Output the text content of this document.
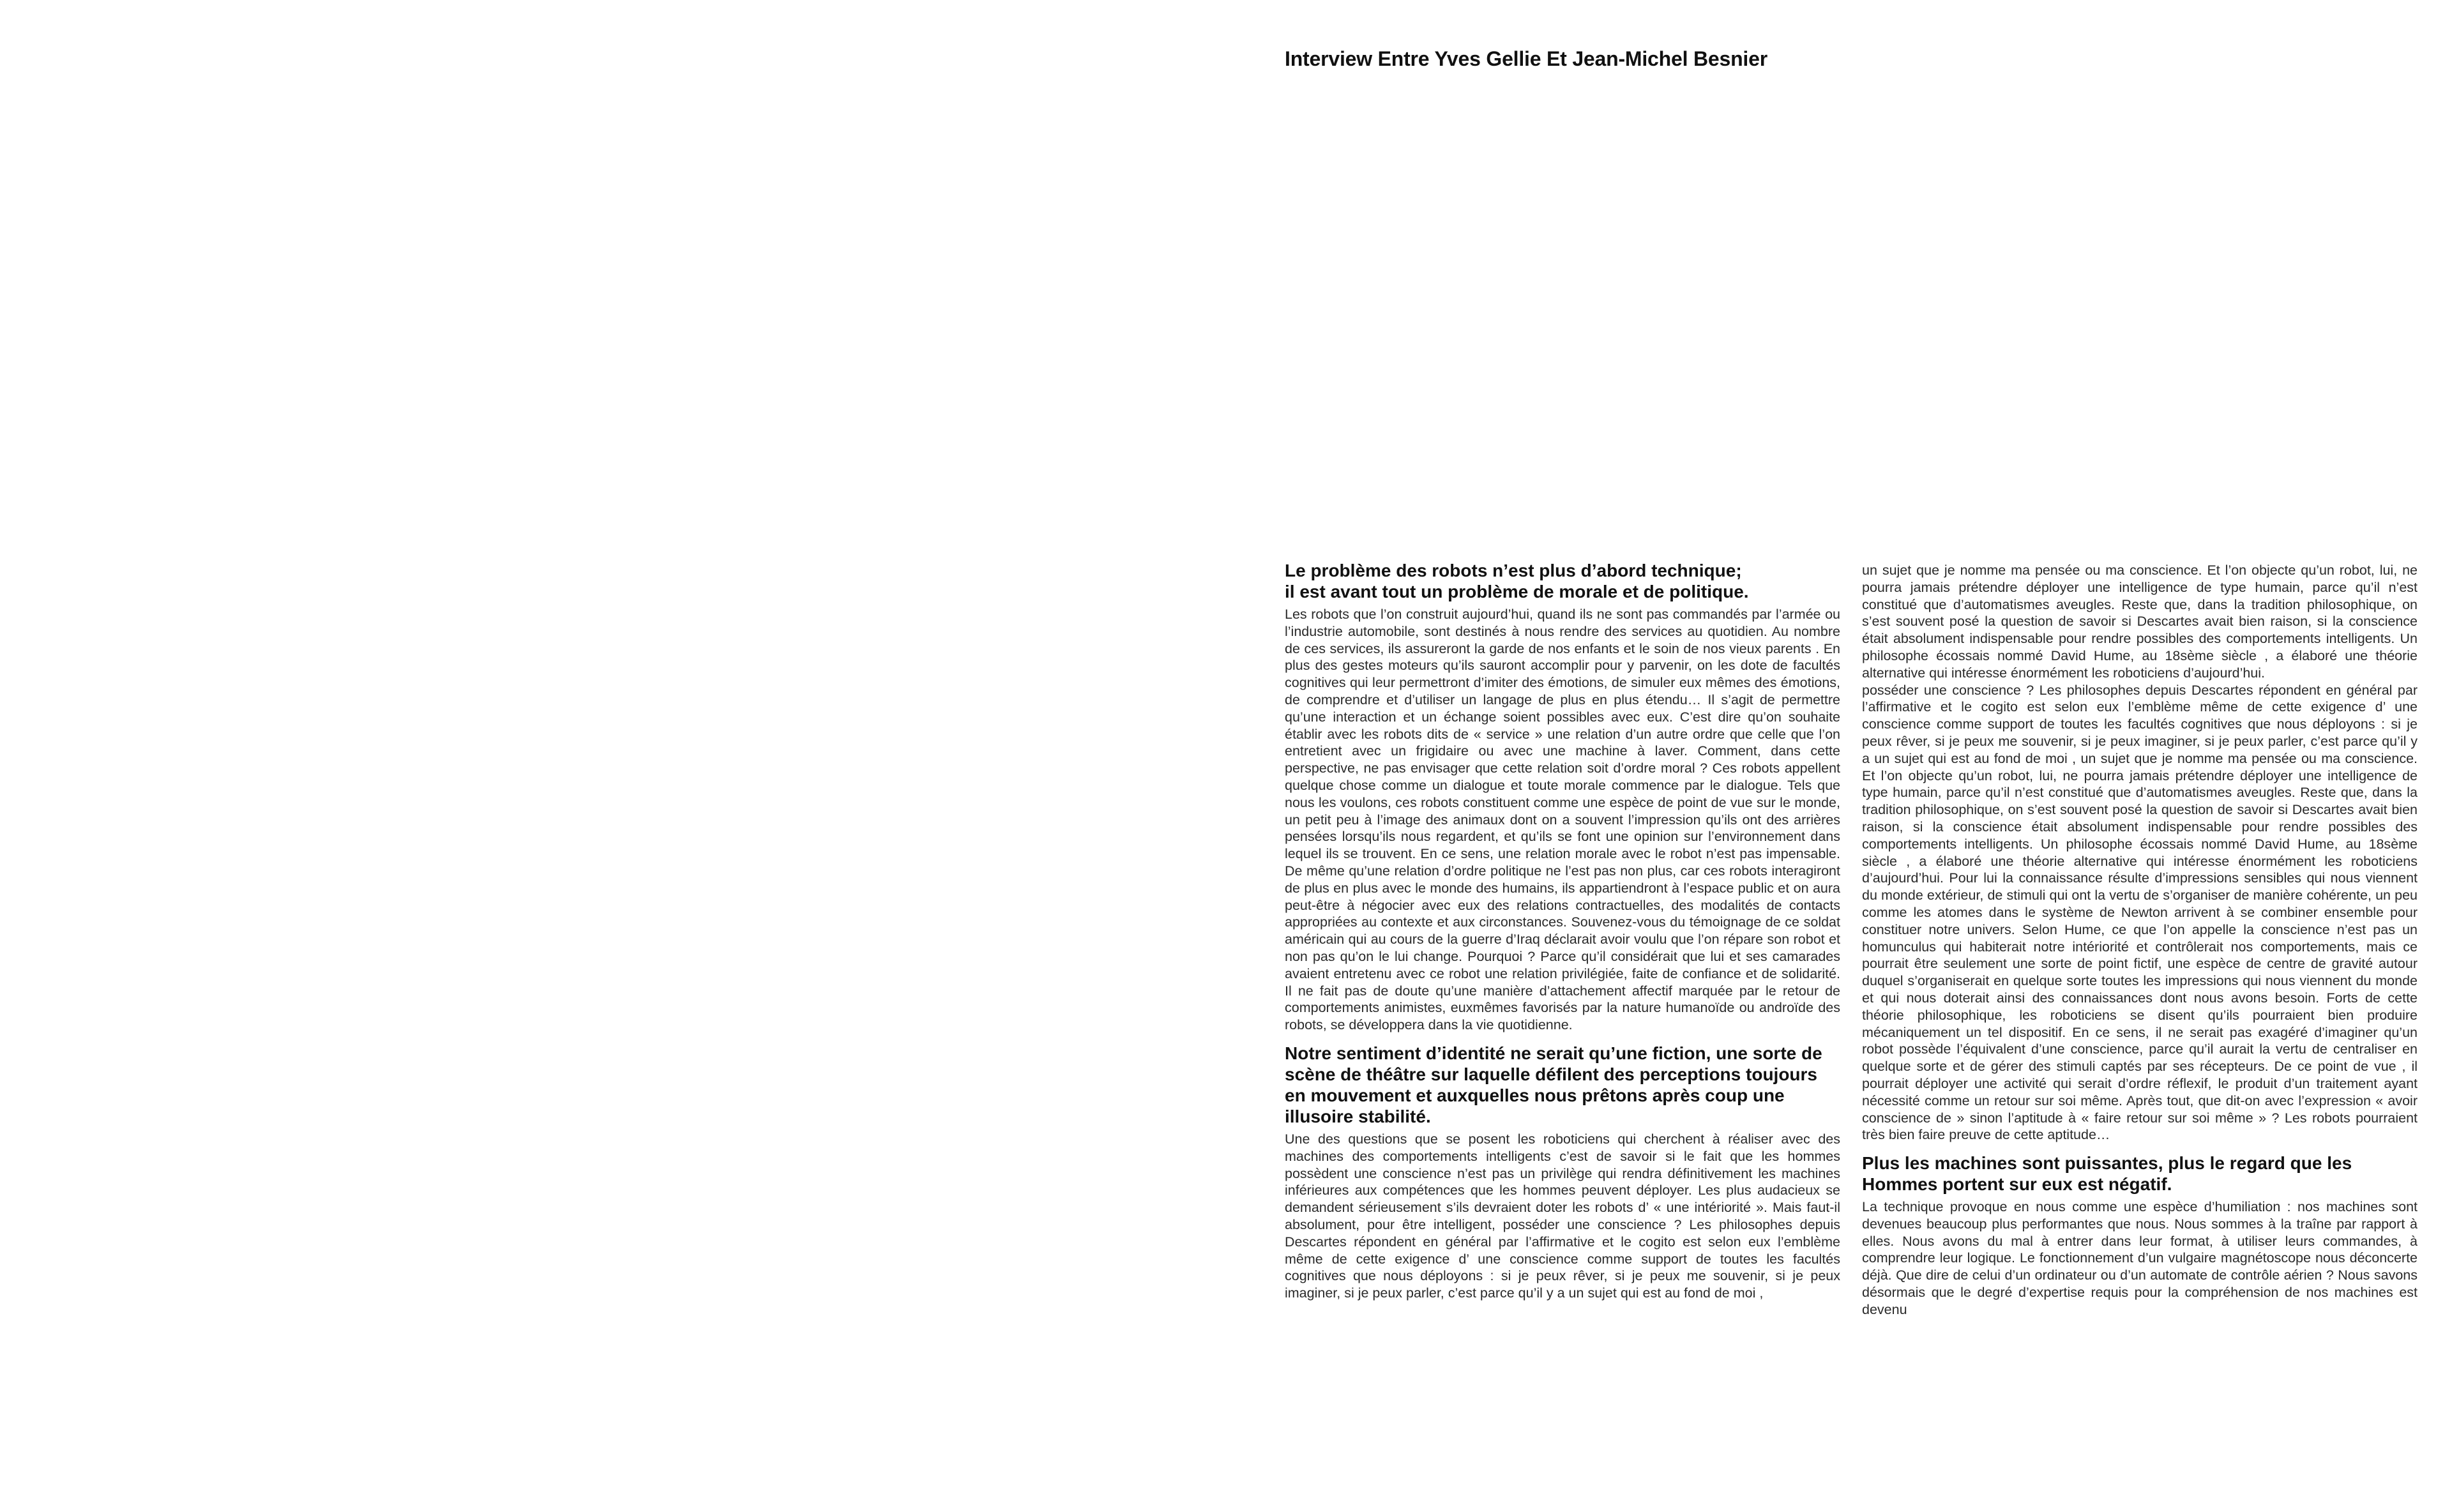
Interview Entre Yves Gellie Et Jean-Michel Besnier
Le problème des robots n’est plus d’abord technique;
il est avant tout un problème de morale et de politique.

Les robots que l’on construit aujourd’hui, quand ils ne sont pas commandés par l’armée ou l’industrie automobile, sont destinés à nous rendre des services au quotidien. Au nombre de ces services, ils assureront la garde de nos enfants et le soin de nos vieux parents . En plus des gestes moteurs qu’ils sauront accomplir pour y parvenir, on les dote de facultés cognitives qui leur permettront d’imiter des émotions, de simuler eux mêmes des émotions, de comprendre et d’utiliser un langage de plus en plus étendu… Il s’agit de permettre qu’une interaction et un échange soient possibles avec eux. C’est dire qu’on souhaite établir avec les robots dits de « service » une relation d’un autre ordre que celle que l’on entretient avec un frigidaire ou avec une machine à laver. Comment, dans cette perspective, ne pas envisager que cette relation soit d’ordre moral ? Ces robots appellent quelque chose comme un dialogue et toute morale commence par le dialogue. Tels que nous les voulons, ces robots constituent comme une espèce de point de vue sur le monde, un petit peu à l’image des animaux dont on a souvent l’impression qu’ils ont des arrières pensées lorsqu’ils nous regardent, et qu’ils se font une opinion sur l’environnement dans lequel ils se trouvent. En ce sens, une relation morale avec le robot n’est pas impensable. De même qu’une relation d’ordre politique ne l’est pas non plus, car ces robots interagiront de plus en plus avec le monde des humains, ils appartiendront à l’espace public et on aura peut-être à négocier avec eux des relations contractuelles, des modalités de contacts appropriées au contexte et aux circonstances. Souvenez-vous du témoignage de ce soldat américain qui au cours de la guerre d’Iraq déclarait avoir voulu que l’on répare son robot et non pas qu’on le lui change. Pourquoi ? Parce qu’il considérait que lui et ses camarades avaient entretenu avec ce robot une relation privilégiée, faite de confiance et de solidarité. Il ne fait pas de doute qu’une manière d’attachement affectif marquée par le retour de comportements animistes, euxmêmes favorisés par la nature humanoïde ou androïde des robots, se développera dans la vie quotidienne.

Notre sentiment d’identité ne serait qu’une fiction, une sorte de scène de théâtre sur laquelle défilent des perceptions toujours en mouvement et auxquelles nous prêtons après coup une illusoire stabilité.

Une des questions que se posent les roboticiens qui cherchent à réaliser avec des machines des comportements intelligents c’est de savoir si le fait que les hommes possèdent une conscience n’est pas un privilège qui rendra définitivement les machines inférieures aux compétences que les hommes peuvent déployer. Les plus audacieux se demandent sérieusement s’ils devraient doter les robots d’ « une intériorité ». Mais faut-il absolument, pour être intelligent, posséder une conscience ? Les philosophes depuis Descartes répondent en général par l’affirmative et le cogito est selon eux l’emblème même de cette exigence d’ une conscience comme support de toutes les facultés cognitives que nous déployons : si je peux rêver, si je peux me souvenir, si je peux imaginer, si je peux parler, c’est parce qu’il y a un sujet qui est au fond de moi ,

un sujet que je nomme ma pensée ou ma conscience. Et l’on objecte qu’un robot, lui, ne pourra jamais prétendre déployer une intelligence de type humain, parce qu’il n’est constitué que d’automatismes aveugles. Reste que, dans la tradition philosophique, on s’est souvent posé la question de savoir si Descartes avait bien raison, si la conscience était absolument indispensable pour rendre possibles des comportements intelligents. Un philosophe écossais nommé David Hume, au 18sème siècle , a élaboré une théorie alternative qui intéresse énormément les roboticiens d’aujourd’hui.

posséder une conscience ? Les philosophes depuis Descartes répondent en général par l’affirmative et le cogito est selon eux l’emblème même de cette exigence d’ une conscience comme support de toutes les facultés cognitives que nous déployons : si je peux rêver, si je peux me souvenir, si je peux imaginer, si je peux parler, c’est parce qu’il y a un sujet qui est au fond de moi , un sujet que je nomme ma pensée ou ma conscience. Et l’on objecte qu’un robot, lui, ne pourra jamais prétendre déployer une intelligence de type humain, parce qu’il n’est constitué que d’automatismes aveugles. Reste que, dans la tradition philosophique, on s’est souvent posé la question de savoir si Descartes avait bien raison, si la conscience était absolument indispensable pour rendre possibles des comportements intelligents. Un philosophe écossais nommé David Hume, au 18sème siècle , a élaboré une théorie alternative qui intéresse énormément les roboticiens d’aujourd’hui. Pour lui la connaissance résulte d’impressions sensibles qui nous viennent du monde extérieur, de stimuli qui ont la vertu de s’organiser de manière cohérente, un peu comme les atomes dans le système de Newton arrivent à se combiner ensemble pour constituer notre univers. Selon Hume, ce que l’on appelle la conscience n’est pas un homunculus qui habiterait notre intériorité et contrôlerait nos comportements, mais ce pourrait être seulement une sorte de point fictif, une espèce de centre de gravité autour duquel s’organiserait en quelque sorte toutes les impressions qui nous viennent du monde et qui nous doterait ainsi des connaissances dont nous avons besoin. Forts de cette théorie philosophique, les roboticiens se disent qu’ils pourraient bien produire mécaniquement un tel dispositif. En ce sens, il ne serait pas exagéré d’imaginer qu’un robot possède l’équivalent d’une conscience, parce qu’il aurait la vertu de centraliser en quelque sorte et de gérer des stimuli captés par ses récepteurs. De ce point de vue , il pourrait déployer une activité qui serait d’ordre réflexif, le produit d’un traitement ayant nécessité comme un retour sur soi même. Après tout, que dit-on avec l’expression « avoir conscience de » sinon l’aptitude à « faire retour sur soi même » ? Les robots pourraient très bien faire preuve de cette aptitude…

Plus les machines sont puissantes, plus le regard que les
Hommes portent sur eux est négatif.

La technique provoque en nous comme une espèce d’humiliation : nos machines sont devenues beaucoup plus performantes que nous. Nous sommes à la traîne par rapport à elles. Nous avons du mal à entrer dans leur format, à utiliser leurs commandes, à comprendre leur logique. Le fonctionnement d’un vulgaire magnétoscope nous déconcerte déjà. Que dire de celui d’un ordinateur ou d’un automate de contrôle aérien ? Nous savons désormais que le degré d’expertise requis pour la compréhension de nos machines est devenu
